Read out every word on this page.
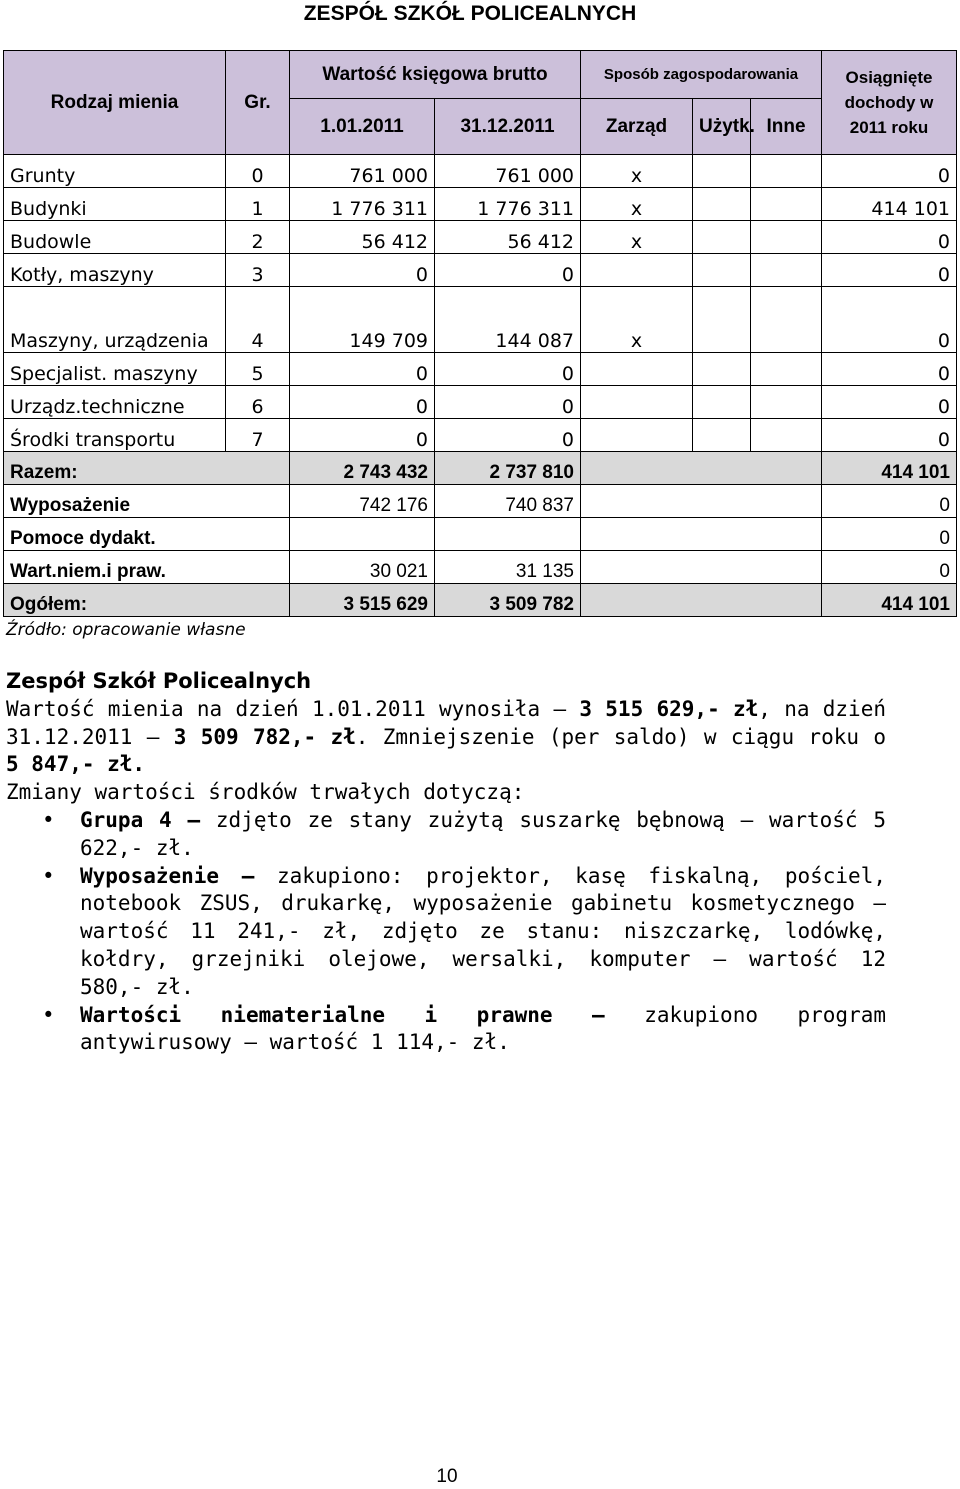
ZESPÓŁ SZKÓŁ POLICEALNYCH
Rodzaj mienia	Gr.	Wartość księgowa brutto		Sposób zagospodarowania			Osiągnięte dochody w 2011 roku
		1.01.2011	31.12.2011	Zarząd	Użytk.	Inne	
Grunty	0	761 000	761 000	x			0
Budynki	1	1 776 311	1 776 311	x			414 101
Budowle	2	56 412	56 412	x			0
Kotły, maszyny	3	0	0				0
Maszyny, urządzenia	4	149 709	144 087	x			0
Specjalist. maszyny	5	0	0				0
Urządz.techniczne	6	0	0				0
Środki transportu	7	0	0				0
Razem:		2 743 432	2 737 810				414 101
Wyposażenie		742 176	740 837				0
Pomoce dydakt.							0
Wart.niem.i praw.		30 021	31 135				0
Ogółem:		3 515 629	3 509 782				414 101
Źródło: opracowanie własne

Zespół Szkół Policealnych

Wartość mienia na dzień 1.01.2011 wynosiła – 3 515 629,- zł, na dzień 31.12.2011 – 3 509 782,- zł. Zmniejszenie (per saldo) w ciągu roku o 5 847,- zł.

Zmiany wartości środków trwałych dotyczą:

• Grupa 4 – zdjęto ze stany zużytą suszarkę bębnową – wartość 5 622,- zł.
• Wyposażenie – zakupiono: projektor, kasę fiskalną, pościel, notebook ZSUS, drukarkę, wyposażenie gabinetu kosmetycznego – wartość 11 241,- zł, zdjęto ze stanu: niszczarkę, lodówkę, kołdry, grzejniki olejowe, wersalki, komputer – wartość 12 580,- zł.
• Wartości niematerialne i prawne – zakupiono program antywirusowy – wartość 1 114,- zł.
10
